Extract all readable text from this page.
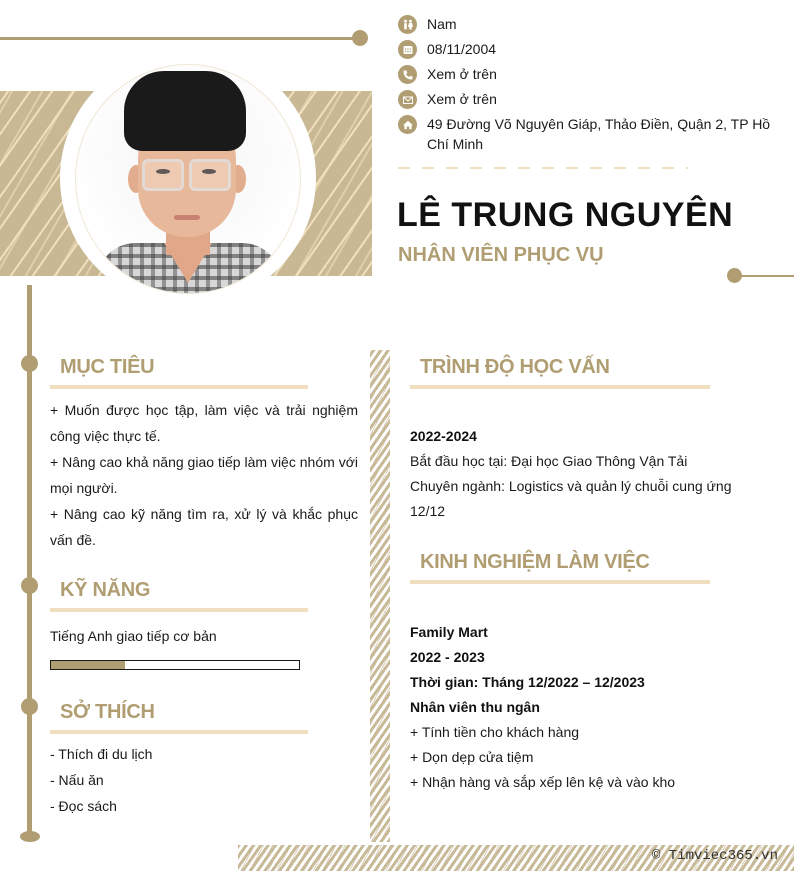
Nam
08/11/2004
Xem ở trên
Xem ở trên
49 Đường Võ Nguyên Giáp, Thảo Điền, Quận 2, TP Hồ Chí Minh
LÊ TRUNG NGUYÊN
NHÂN VIÊN PHỤC VỤ
MỤC TIÊU

+ Muốn được học tập, làm việc và trải nghiệm công việc thực tế.

+ Nâng cao khả năng giao tiếp làm việc nhóm với mọi người.

+ Nâng cao kỹ năng tìm ra, xử lý và khắc phục vấn đề.

KỸ NĂNG
Tiếng Anh giao tiếp cơ bản
SỞ THÍCH
- Thích đi du lịch
- Nấu ăn
- Đọc sách
© Timviec365.vn
TRÌNH ĐỘ HỌC VẤN
2022-2024
Bắt đầu học tại: Đại học Giao Thông Vận Tải
Chuyên ngành: Logistics và quản lý chuỗi cung ứng
12/12
KINH NGHIỆM LÀM VIỆC
Family Mart
2022 - 2023
Thời gian: Tháng 12/2022 – 12/2023
Nhân viên thu ngân
+ Tính tiền cho khách hàng
+ Dọn dẹp cửa tiệm
+ Nhận hàng và sắp xếp lên kệ và vào kho
